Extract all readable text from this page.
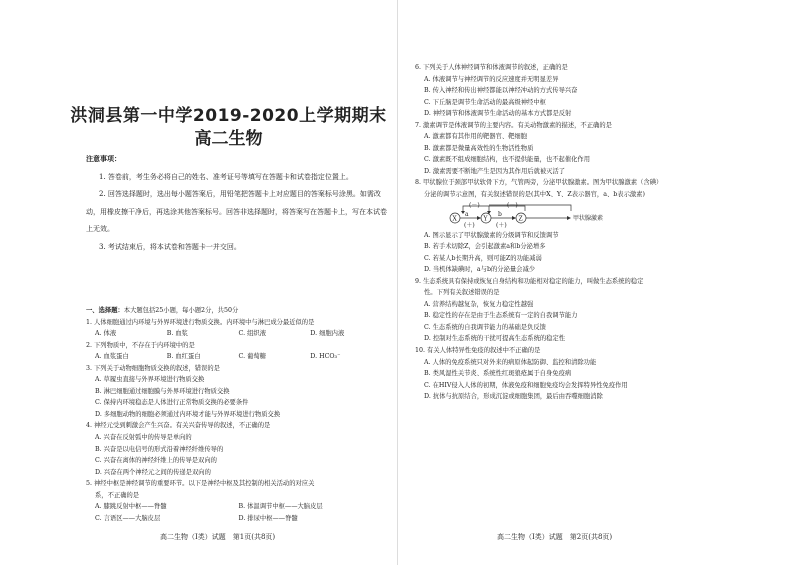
洪洞县第一中学2019-2020上学期期末
高二生物
注意事项：

1. 答卷前，考生务必将自己的姓名、准考证号等填写在答题卡和试卷指定位置上。

2. 回答选择题时，选出每小题答案后，用铅笔把答题卡上对应题目的答案标号涂黑。如需改动，用橡皮擦干净后，再选涂其他答案标号。回答非选择题时，将答案写在答题卡上，写在本试卷上无效。

3. 考试结束后，将本试卷和答题卡一并交回。

一、选择题：本大题包括25小题，每小题2分，共50分
1. 人体细胞通过内环境与外界环境进行物质交换。内环境中与淋巴成分最近似的是
A. 体液	B. 血浆	C. 组织液	D. 细胞内液
2. 下列物质中，不存在于内环境中的是
A. 血浆蛋白	B. 血红蛋白	C. 葡萄糖	D. HCO₃⁻
3. 下列关于动物细胞物质交换的叙述，错误的是
A. 草履虫直接与外界环境进行物质交换
B. 淋巴细胞通过细胞膜与外界环境进行物质交换
C. 保持内环境稳态是人体进行正常物质交换的必要条件
D. 多细胞动物的细胞必须通过内环境才能与外界环境进行物质交换
4. 神经元受到刺激会产生兴奋。有关兴奋传导的叙述，不正确的是
A. 兴奋在反射弧中的传导是单向的
B. 兴奋是以电信号的形式沿着神经纤维传导的
C. 兴奋在离体的神经纤维上的传导是双向的
D. 兴奋在两个神经元之间的传递是双向的
5. 神经中枢是神经调节的重要环节。以下是神经中枢及其控制的相关活动的对应关
系，不正确的是
A. 膝跳反射中枢——脊髓	B. 体温调节中枢——大脑皮层
C. 言语区——大脑皮层	D. 排尿中枢——脊髓
高二生物（Ⅰ类）试题　第1页(共8页)
6. 下列关于人体神经调节和体液调节的叙述，正确的是
A. 体液调节与神经调节的反应速度并无明显差异
B. 传入神经和传出神经都能以神经冲动的方式传导兴奋
C. 下丘脑是调节生命活动的最高级神经中枢
D. 神经调节和体液调节生命活动的基本方式都是反射
7. 激素调节是体液调节的主要内容。有关动物激素的描述，不正确的是
A. 激素都有其作用的靶器官、靶细胞
B. 激素都是微量高效性的生物活性物质
C. 激素既不组成细胞结构，也不提供能量，也不起催化作用
D. 激素需要不断地产生是因为其作用后就被灭活了
8. 甲状腺位于颈部甲状软骨下方，气管两旁，分泌甲状腺激素。图为甲状腺激素（含碘）
分泌的调节示意图，有关叙述错误的是(其中X、Y、Z表示器官，a、b表示激素)
(－)	(－)
X
a
(＋)
Y
b
(＋)
Z	甲状腺激素
A. 图示显示了甲状腺激素的分级调节和反馈调节
B. 若手术切除Z，会引起激素a和b分泌增多
C. 若某人b长期升高，则可能Z的功能减弱
D. 当机体缺碘时，a与b的分泌量会减少
9. 生态系统具有保持或恢复自身结构和功能相对稳定的能力，叫做生态系统的稳定
性。下列有关叙述错误的是
A. 营养结构越复杂，恢复力稳定性越强
B. 稳定性的存在是由于生态系统有一定的自我调节能力
C. 生态系统的自我调节能力的基础是负反馈
D. 控制对生态系统的干扰可提高生态系统的稳定性
10. 有关人体特异性免疫的叙述中不正确的是
A. 人体的免疫系统只对外来的病原体起防御、监控和清除功能
B. 类风湿性关节炎、系统性红斑狼疮属于自身免疫病
C. 在HIV侵入人体的初期，体液免疫和细胞免疫均会发挥特异性免疫作用
D. 抗体与抗原结合，形成沉淀或细胞集团，最后由吞噬细胞消除
高二生物（Ⅰ类）试题　第2页(共8页)
